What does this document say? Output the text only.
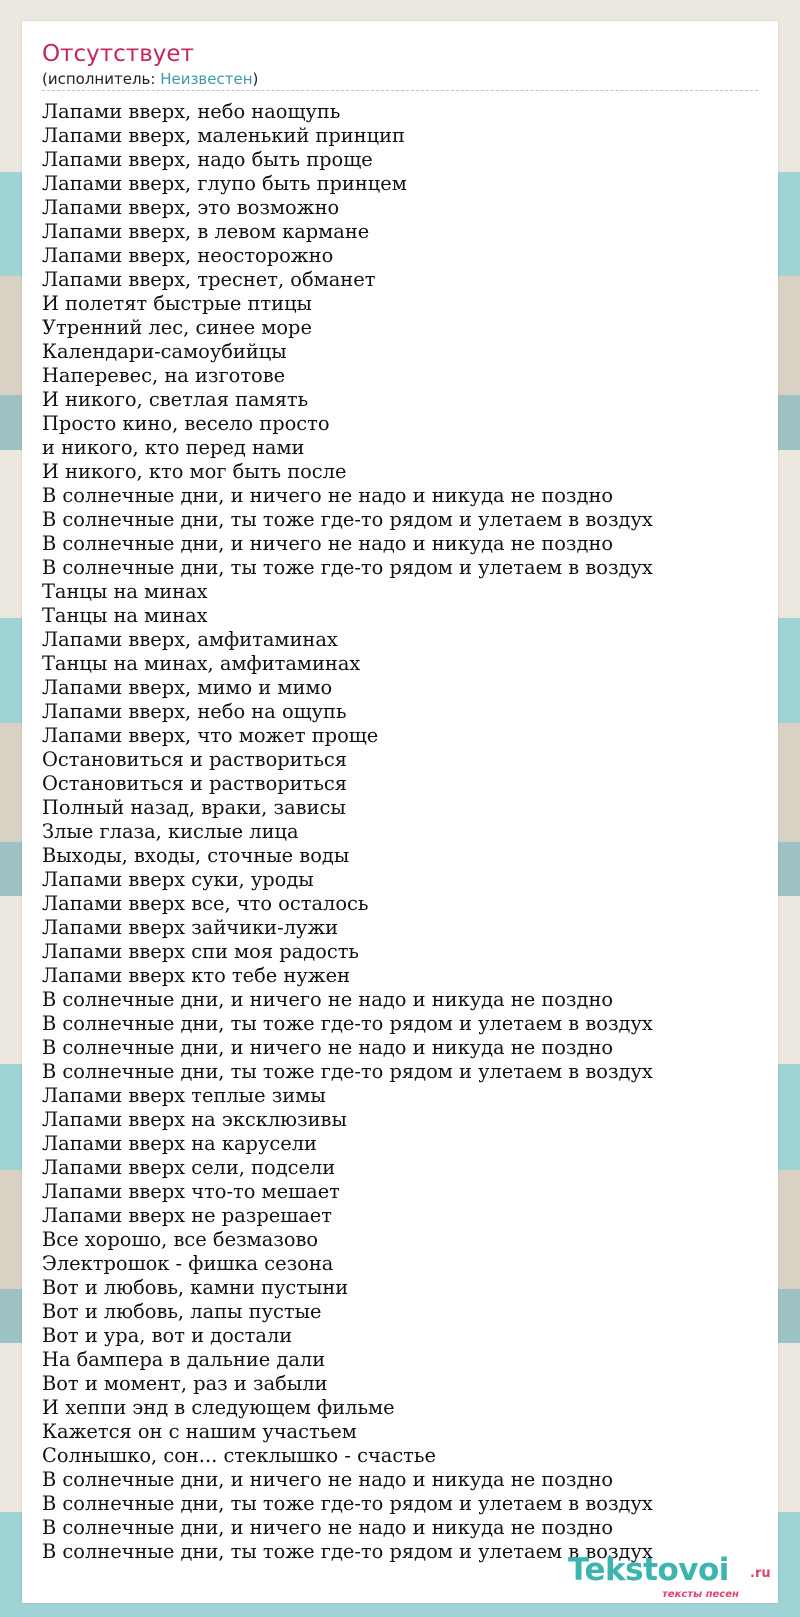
Отсутствует
(исполнитель: Неизвестен)
Лапами вверх, небо наощупь
Лапами вверх, маленький принцип
Лапами вверх, надо быть проще
Лапами вверх, глупо быть принцем
Лапами вверх, это возможно
Лапами вверх, в левом кармане
Лапами вверх, неосторожно
Лапами вверх, треснет, обманет
И полетят быстрые птицы
Утренний лес, синее море
Календари-самоубийцы
Наперевес, на изготове
И никого, светлая память
Просто кино, весело просто
и никого, кто перед нами
И никого, кто мог быть после
В солнечные дни, и ничего не надо и никуда не поздно
В солнечные дни, ты тоже где-то рядом и улетаем в воздух
В солнечные дни, и ничего не надо и никуда не поздно
В солнечные дни, ты тоже где-то рядом и улетаем в воздух
Танцы на минах
Танцы на минах
Лапами вверх, амфитаминах
Танцы на минах, амфитаминах
Лапами вверх, мимо и мимо
Лапами вверх, небо на ощупь
Лапами вверх, что может проще
Остановиться и раствориться
Остановиться и раствориться
Полный назад, враки, зависы
Злые глаза, кислые лица
Выходы, входы, сточные воды
Лапами вверх суки, уроды
Лапами вверх все, что осталось
Лапами вверх зайчики-лужи
Лапами вверх спи моя радость
Лапами вверх кто тебе нужен
В солнечные дни, и ничего не надо и никуда не поздно
В солнечные дни, ты тоже где-то рядом и улетаем в воздух
В солнечные дни, и ничего не надо и никуда не поздно
В солнечные дни, ты тоже где-то рядом и улетаем в воздух
Лапами вверх теплые зимы
Лапами вверх на эксклюзивы
Лапами вверх на карусели
Лапами вверх сели, подсели
Лапами вверх что-то мешает
Лапами вверх не разрешает
Все хорошо, все безмазово
Электрошок - фишка сезона
Вот и любовь, камни пустыни
Вот и любовь, лапы пустые
Вот и ура, вот и достали
На бампера в дальние дали
Вот и момент, раз и забыли
И хеппи энд в следующем фильме
Кажется он с нашим участьем
Солнышко, сон... стеклышко - счастье
В солнечные дни, и ничего не надо и никуда не поздно
В солнечные дни, ты тоже где-то рядом и улетаем в воздух
В солнечные дни, и ничего не надо и никуда не поздно
В солнечные дни, ты тоже где-то рядом и улетаем в воздух
Tekstovoi .ru
тексты песен
